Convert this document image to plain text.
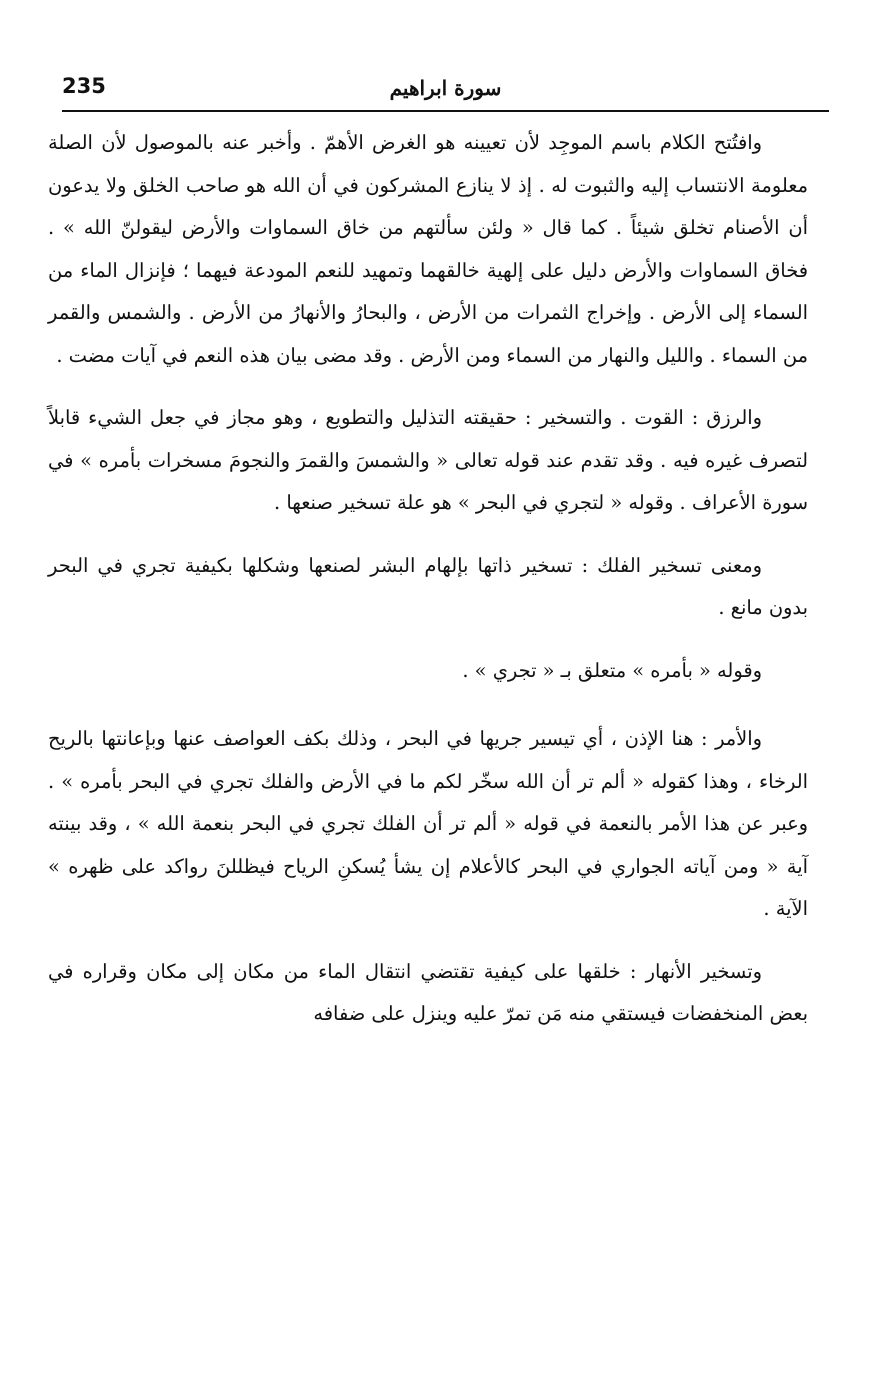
235	سورة ابراهيم

وافتُتح الكلام باسم الموجِد لأن تعيينه هو الغرض الأهمّ . وأخبر عنه بالموصول لأن الصلة معلومة الانتساب إليه والثبوت له . إذ لا ينازع المشركون في أن الله هو صاحب الخلق ولا يدعون أن الأصنام تخلق شيئاً . كما قال « ولئن سألتهم من خاق السماوات والأرض ليقولنّ الله » . فخاق السماوات والأرض دليل على إلهية خالقهما وتمهيد للنعم المودعة فيهما ؛ فإنزال الماء من السماء إلى الأرض . وإخراج الثمرات من الأرض ، والبحارُ والأنهارُ من الأرض . والشمس والقمر من السماء . والليل والنهار من السماء ومن الأرض . وقد مضى بيان هذه النعم في آيات مضت .

والرزق : القوت . والتسخير : حقيقته التذليل والتطويع ، وهو مجاز في جعل الشيء قابلاً لتصرف غيره فيه . وقد تقدم عند قوله تعالى « والشمسَ والقمرَ والنجومَ مسخرات بأمره » في سورة الأعراف . وقوله « لتجري في البحر » هو علة تسخير صنعها .

ومعنى تسخير الفلك : تسخير ذاتها بإلهام البشر لصنعها وشكلها بكيفية تجري في البحر بدون مانع .

وقوله « بأمره » متعلق بـ « تجري » .

والأمر : هنا الإذن ، أي تيسير جريها في البحر ، وذلك بكف العواصف عنها وبإعانتها بالريح الرخاء ، وهذا كقوله « ألم تر أن الله سخّر لكم ما في الأرض والفلك تجري في البحر بأمره » . وعبر عن هذا الأمر بالنعمة في قوله « ألم تر أن الفلك تجري في البحر بنعمة الله » ، وقد بينته آية « ومن آياته الجواري في البحر كالأعلام إن يشأ يُسكنِ الرياح فيظللنَ رواكد على ظهره » الآية .

وتسخير الأنهار : خلقها على كيفية تقتضي انتقال الماء من مكان إلى مكان وقراره في بعض المنخفضات فيستقي منه مَن تمرّ عليه وينزل على ضفافه
